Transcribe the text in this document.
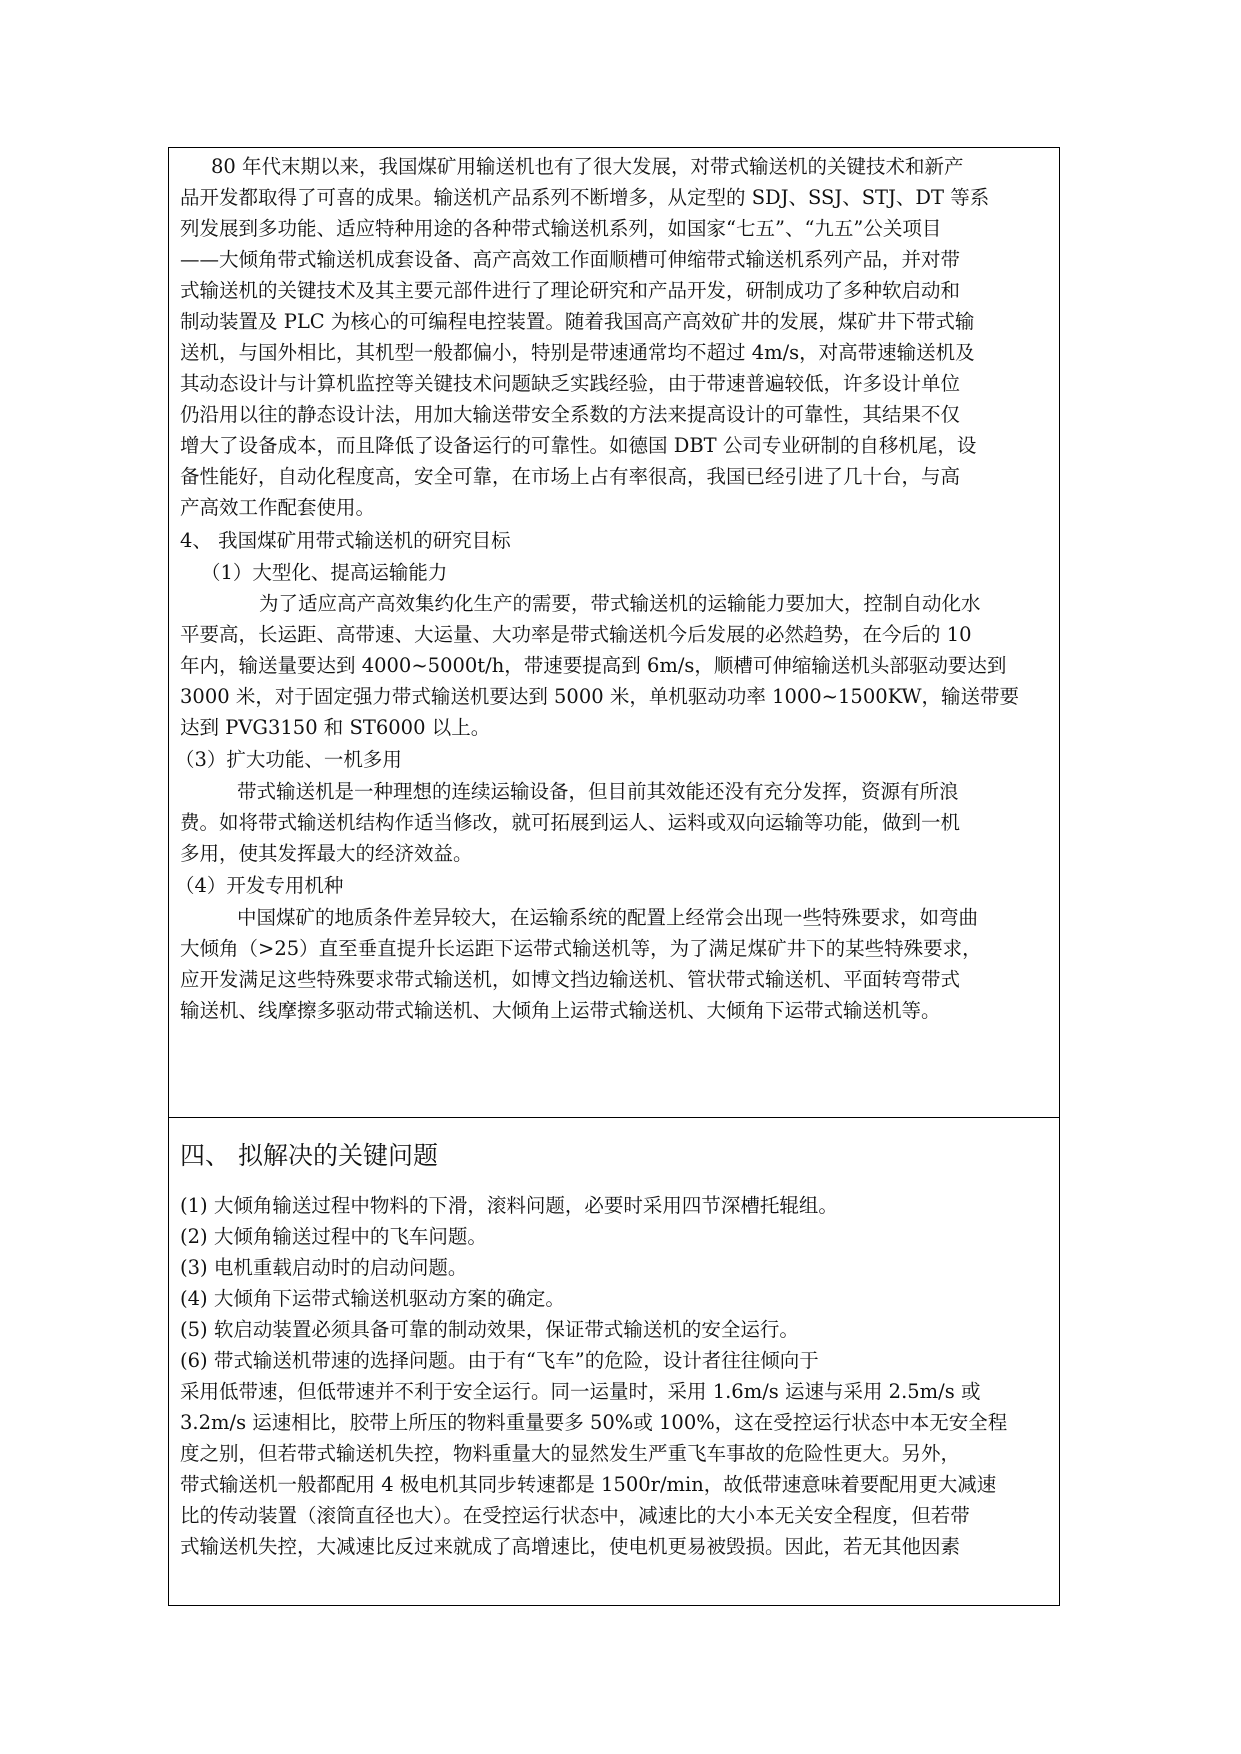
80 年代末期以来，我国煤矿用输送机也有了很大发展，对带式输送机的关键技术和新产
品开发都取得了可喜的成果。输送机产品系列不断增多，从定型的 SDJ、SSJ、STJ、DT 等系
列发展到多功能、适应特种用途的各种带式输送机系列，如国家“七五”、“九五”公关项目
——大倾角带式输送机成套设备、高产高效工作面顺槽可伸缩带式输送机系列产品，并对带
式输送机的关键技术及其主要元部件进行了理论研究和产品开发，研制成功了多种软启动和
制动装置及 PLC 为核心的可编程电控装置。随着我国高产高效矿井的发展，煤矿井下带式输
送机，与国外相比，其机型一般都偏小，特别是带速通常均不超过 4m/s，对高带速输送机及
其动态设计与计算机监控等关键技术问题缺乏实践经验，由于带速普遍较低，许多设计单位
仍沿用以往的静态设计法，用加大输送带安全系数的方法来提高设计的可靠性，其结果不仅
增大了设备成本，而且降低了设备运行的可靠性。如德国 DBT 公司专业研制的自移机尾，设
备性能好，自动化程度高，安全可靠，在市场上占有率很高，我国已经引进了几十台，与高
产高效工作配套使用。
4、 我国煤矿用带式输送机的研究目标
（1）大型化、提高运输能力
为了适应高产高效集约化生产的需要，带式输送机的运输能力要加大，控制自动化水
平要高，长运距、高带速、大运量、大功率是带式输送机今后发展的必然趋势，在今后的 10
年内，输送量要达到 4000~5000t/h，带速要提高到 6m/s，顺槽可伸缩输送机头部驱动要达到
3000 米，对于固定强力带式输送机要达到 5000 米，单机驱动功率 1000~1500KW，输送带要
达到 PVG3150 和 ST6000 以上。
（3）扩大功能、一机多用
带式输送机是一种理想的连续运输设备，但目前其效能还没有充分发挥，资源有所浪
费。如将带式输送机结构作适当修改，就可拓展到运人、运料或双向运输等功能，做到一机
多用，使其发挥最大的经济效益。
（4）开发专用机种
中国煤矿的地质条件差异较大，在运输系统的配置上经常会出现一些特殊要求，如弯曲
大倾角（>25）直至垂直提升长运距下运带式输送机等，为了满足煤矿井下的某些特殊要求，
应开发满足这些特殊要求带式输送机，如博文挡边输送机、管状带式输送机、平面转弯带式
输送机、线摩擦多驱动带式输送机、大倾角上运带式输送机、大倾角下运带式输送机等。
四、 拟解决的关键问题
(1) 大倾角输送过程中物料的下滑，滚料问题，必要时采用四节深槽托辊组。
(2) 大倾角输送过程中的飞车问题。
(3) 电机重载启动时的启动问题。
(4) 大倾角下运带式输送机驱动方案的确定。
(5) 软启动装置必须具备可靠的制动效果，保证带式输送机的安全运行。
(6) 带式输送机带速的选择问题。由于有“飞车”的危险，设计者往往倾向于
采用低带速，但低带速并不利于安全运行。同一运量时，采用 1.6m/s 运速与采用 2.5m/s 或
3.2m/s 运速相比，胶带上所压的物料重量要多 50%或 100%，这在受控运行状态中本无安全程
度之别，但若带式输送机失控，物料重量大的显然发生严重飞车事故的危险性更大。另外，
带式输送机一般都配用 4 极电机其同步转速都是 1500r/min，故低带速意味着要配用更大减速
比的传动装置（滚筒直径也大）。在受控运行状态中，减速比的大小本无关安全程度，但若带
式输送机失控，大减速比反过来就成了高增速比，使电机更易被毁损。因此，若无其他因素
